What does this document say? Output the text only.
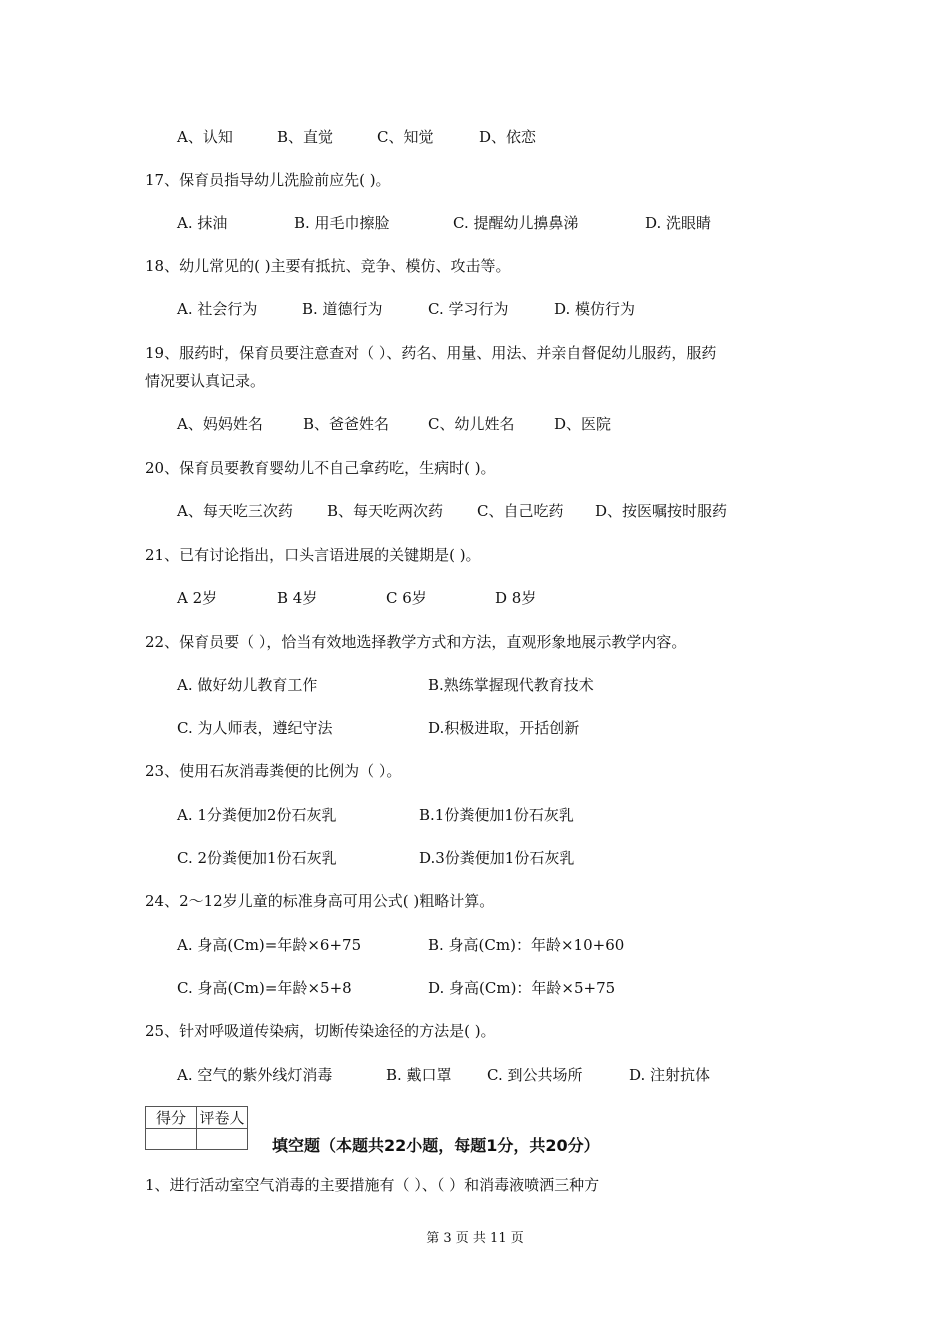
A、认知	B、直觉	C、知觉	D、依恋
17、保育员指导幼儿洗脸前应先( )。
A. 抹油	B. 用毛巾擦脸	C. 提醒幼儿擤鼻涕	D. 洗眼睛
18、幼儿常见的( )主要有抵抗、竞争、模仿、攻击等。
A. 社会行为	B. 道德行为	C. 学习行为	D. 模仿行为
19、服药时，保育员要注意查对（ ）、药名、用量、用法、并亲自督促幼儿服药，服药
情况要认真记录。
A、妈妈姓名	B、爸爸姓名	C、幼儿姓名	D、医院
20、保育员要教育婴幼儿不自己拿药吃，生病时( )。
A、每天吃三次药 B、每天吃两次药 C、自己吃药 D、按医嘱按时服药
21、已有讨论指出，口头言语进展的关键期是( )。
A 2岁	B 4岁	C 6岁	D 8岁
22、保育员要（ ），恰当有效地选择教学方式和方法，直观形象地展示教学内容。
A. 做好幼儿教育工作	B.熟练掌握现代教育技术
C. 为人师表，遵纪守法	D.积极进取，开括创新
23、使用石灰消毒粪便的比例为（ ）。
A. 1分粪便加2份石灰乳	B.1份粪便加1份石灰乳
C. 2份粪便加1份石灰乳	D.3份粪便加1份石灰乳
24、2～12岁儿童的标准身高可用公式( )粗略计算。
A. 身高(Cm)=年龄×6+75	B. 身高(Cm)：年龄×10+60
C. 身高(Cm)=年龄×5+8	D. 身高(Cm)：年龄×5+75
25、针对呼吸道传染病，切断传染途径的方法是( )。
A. 空气的紫外线灯消毒	B. 戴口罩 C. 到公共场所	D. 注射抗体
得分	评卷人

填空题（本题共22小题，每题1分，共20分）
1、进行活动室空气消毒的主要措施有（ ）、（ ）和消毒液喷洒三种方
第 3 页 共 11 页
